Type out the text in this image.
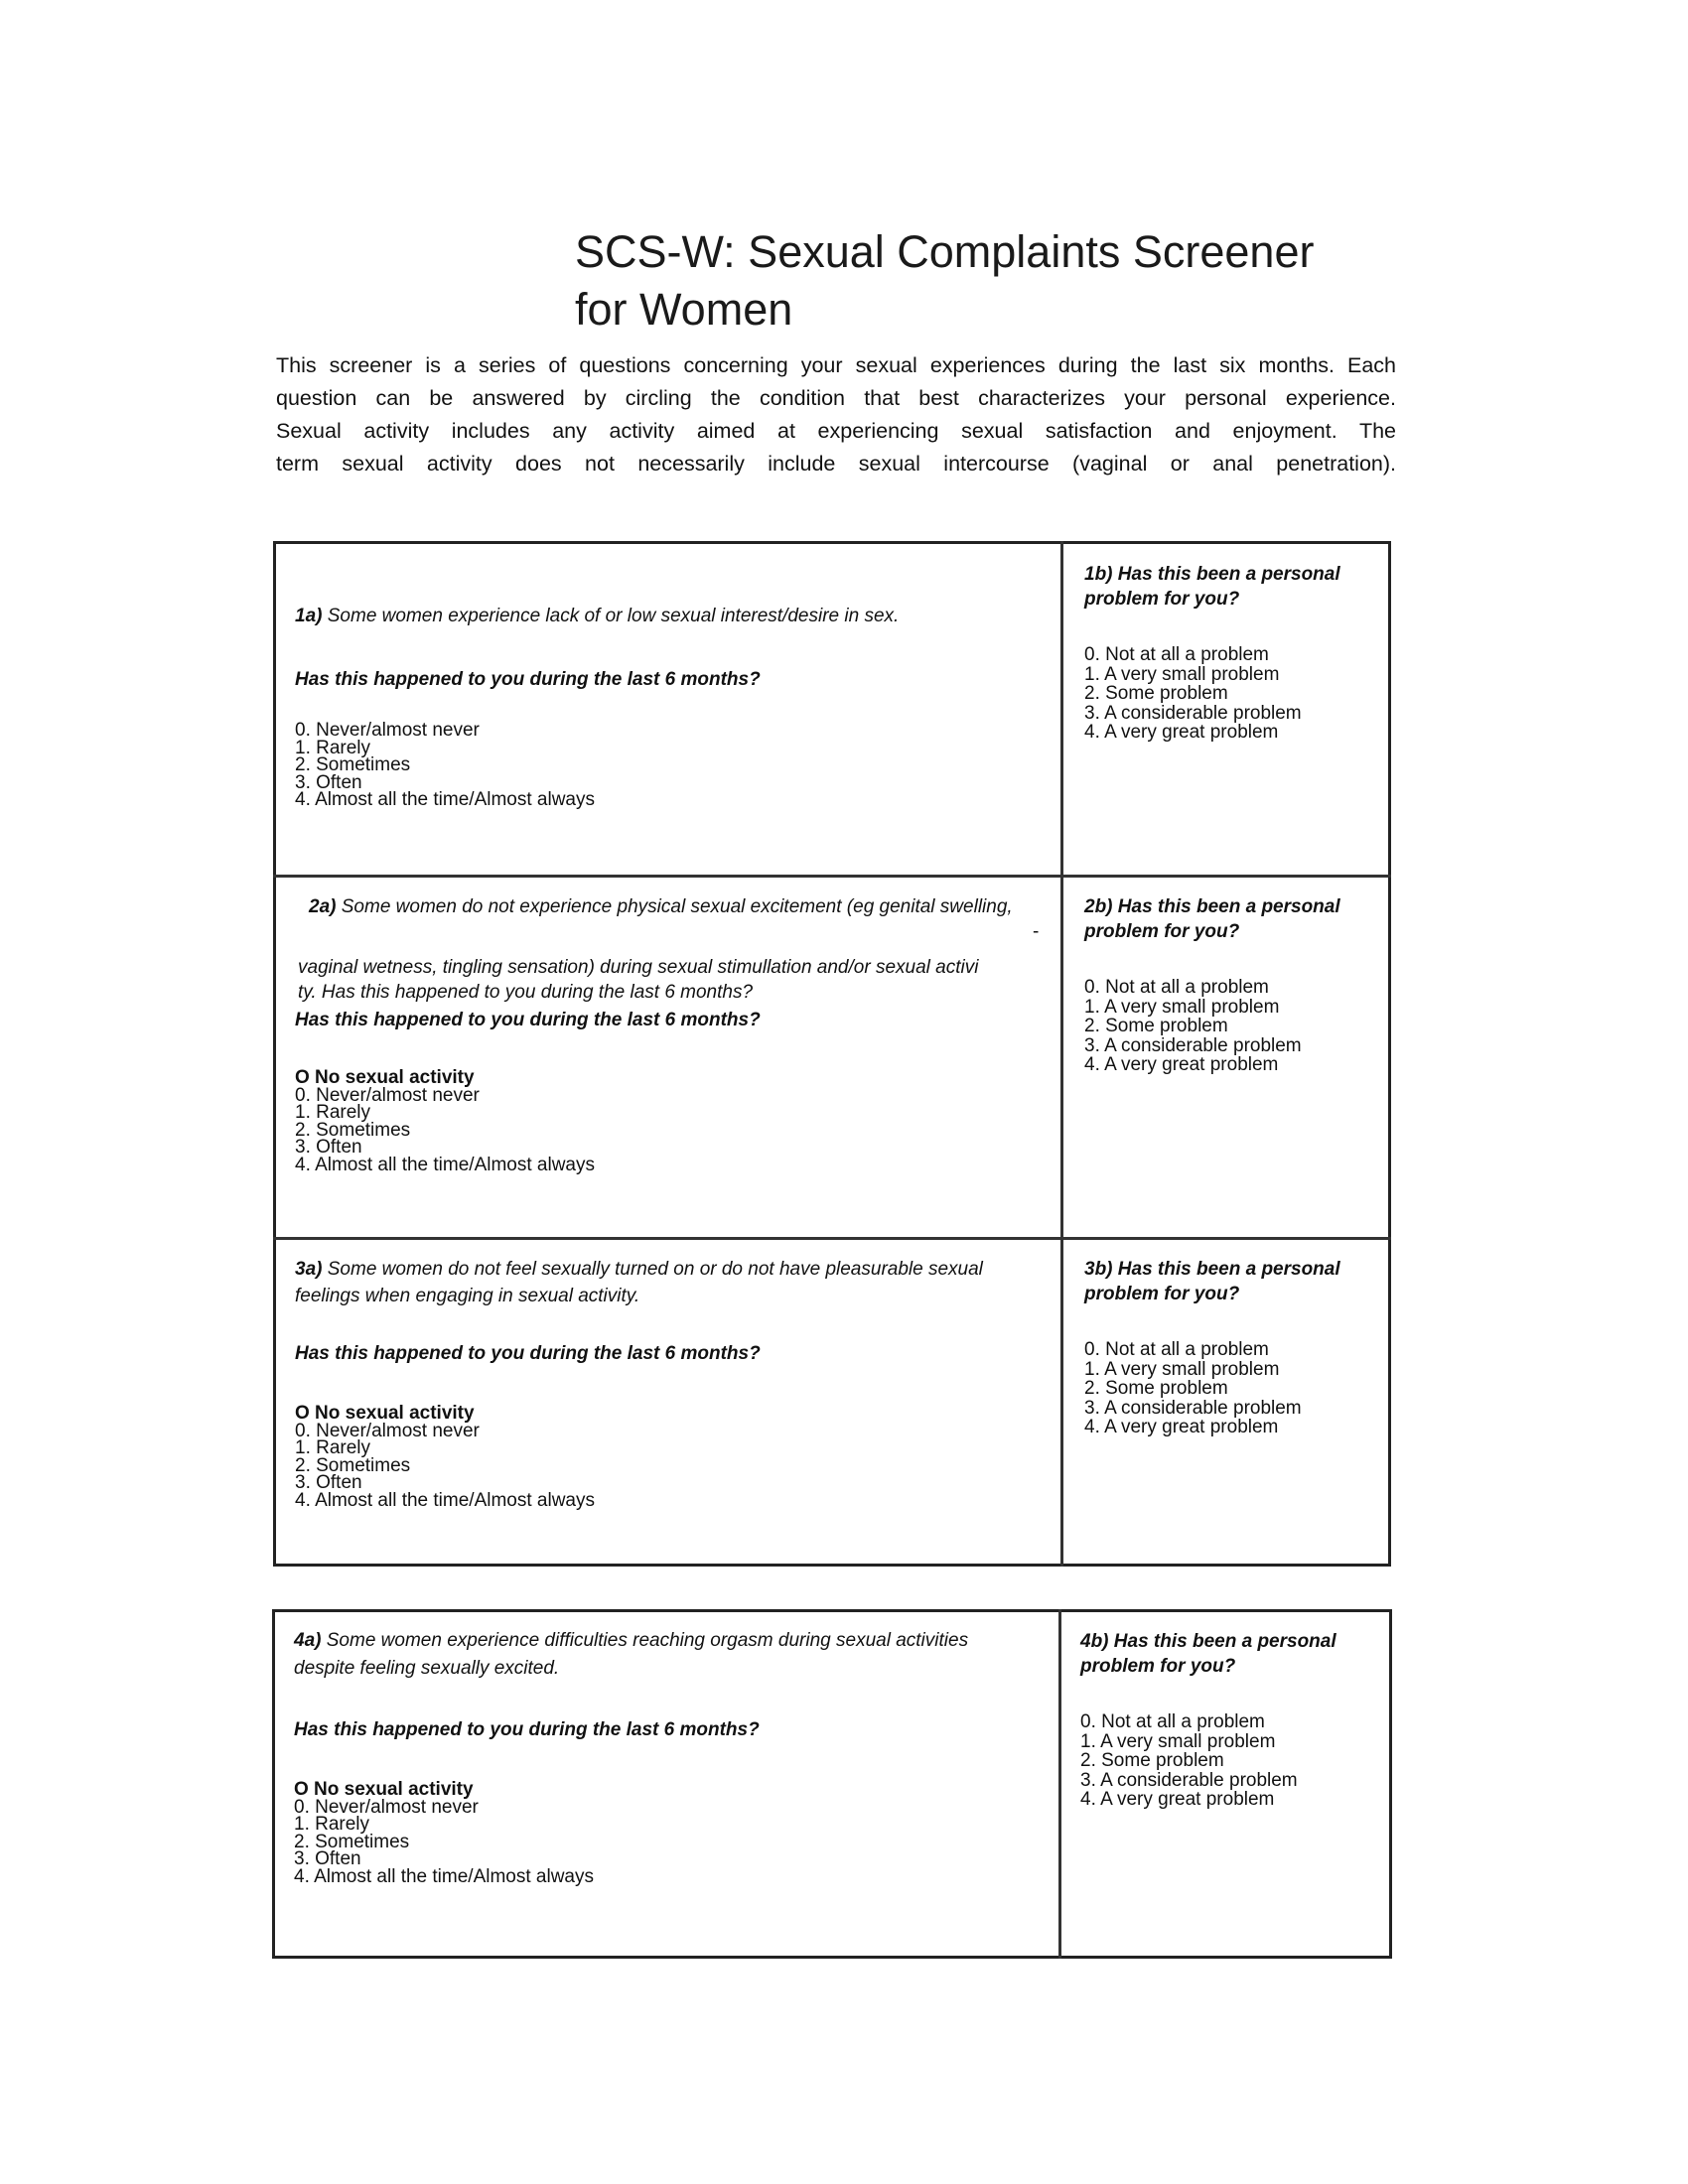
SCS-W: Sexual Complaints Screener
for Women
This screener is a series of questions concerning your sexual experiences during the last six months. Each
question can be answered by circling the condition that best characterizes your personal experience.
Sexual activity includes any activity aimed at experiencing sexual satisfaction and enjoyment. The
term sexual activity does not necessarily include sexual intercourse (vaginal or anal penetration).
1a) Some women experience lack of or low sexual interest/desire in sex.
Has this happened to you during the last 6 months?
0. Never/almost never
1. Rarely
2. Sometimes
3. Often
4. Almost all the time/Almost always
1b) Has this been a personal
problem for you?
0. Not at all a problem
1. A very small problem
2. Some problem
3. A considerable problem
4. A very great problem
2a) Some women do not experience physical sexual excitement (eg genital swelling,
-
vaginal wetness, tingling sensation) during sexual stimullation and/or sexual activi
ty. Has this happened to you during the last 6 months?
Has this happened to you during the last 6 months?
O No sexual activity
0. Never/almost never
1. Rarely
2. Sometimes
3. Often
4. Almost all the time/Almost always
2b) Has this been a personal
problem for you?
0. Not at all a problem
1. A very small problem
2. Some problem
3. A considerable problem
4. A very great problem
3a) Some women do not feel sexually turned on or do not have pleasurable sexual
feelings when engaging in sexual activity.
Has this happened to you during the last 6 months?
O No sexual activity
0. Never/almost never
1. Rarely
2. Sometimes
3. Often
4. Almost all the time/Almost always
3b) Has this been a personal
problem for you?
0. Not at all a problem
1. A very small problem
2. Some problem
3. A considerable problem
4. A very great problem
4a) Some women experience difficulties reaching orgasm during sexual activities
despite feeling sexually excited.
Has this happened to you during the last 6 months?
O No sexual activity
0. Never/almost never
1. Rarely
2. Sometimes
3. Often
4. Almost all the time/Almost always
4b) Has this been a personal
problem for you?
0. Not at all a problem
1. A very small problem
2. Some problem
3. A considerable problem
4. A very great problem
